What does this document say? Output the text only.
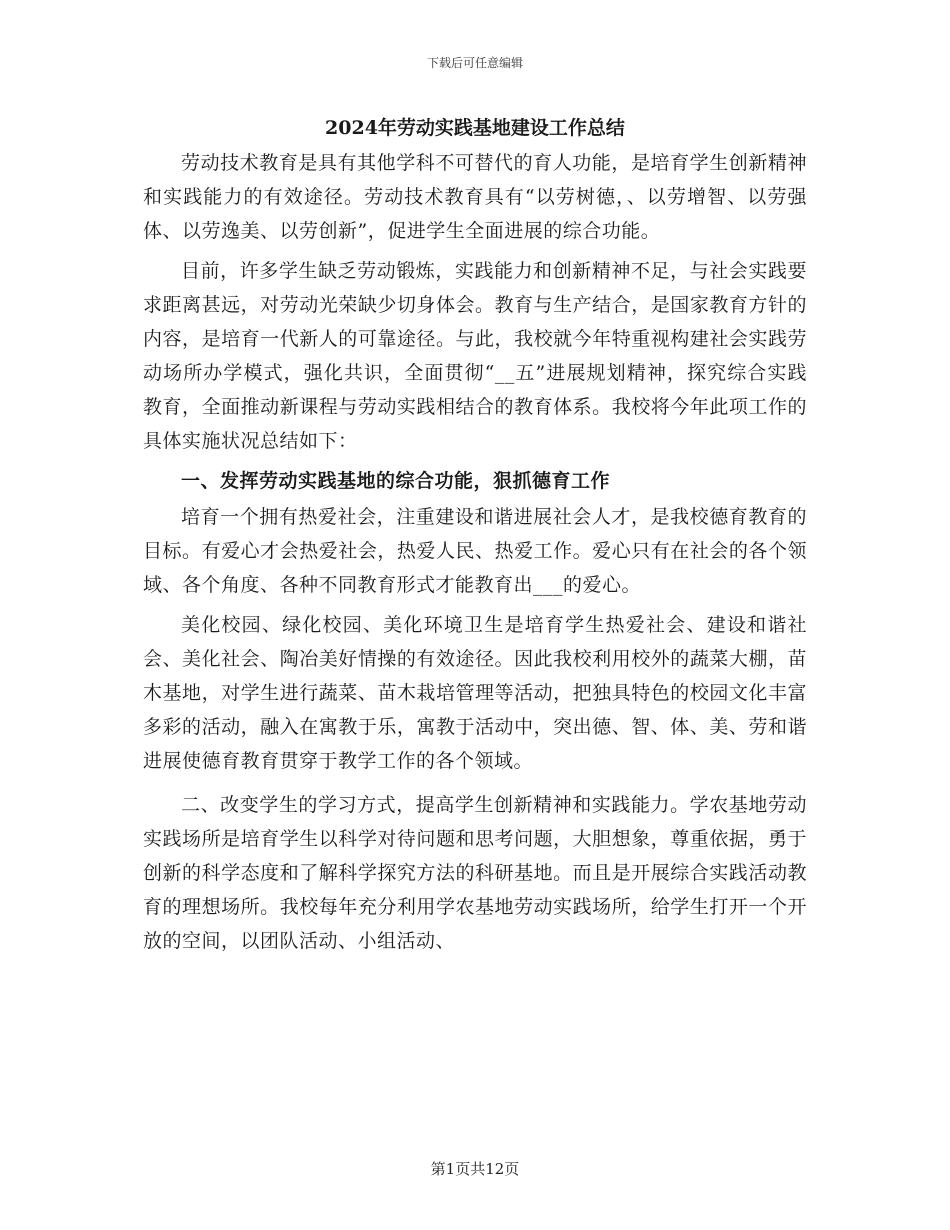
下载后可任意编辑
2024年劳动实践基地建设工作总结

劳动技术教育是具有其他学科不可替代的育人功能，是培育学生创新精神和实践能力的有效途径。劳动技术教育具有“以劳树德，、以劳增智、以劳强体、以劳逸美、以劳创新”，促进学生全面进展的综合功能。

目前，许多学生缺乏劳动锻炼，实践能力和创新精神不足，与社会实践要求距离甚远，对劳动光荣缺少切身体会。教育与生产结合，是国家教育方针的内容，是培育一代新人的可靠途径。与此，我校就今年特重视构建社会实践劳动场所办学模式，强化共识，全面贯彻“__五”进展规划精神，探究综合实践教育，全面推动新课程与劳动实践相结合的教育体系。我校将今年此项工作的具体实施状况总结如下：

一、发挥劳动实践基地的综合功能，狠抓德育工作

培育一个拥有热爱社会，注重建设和谐进展社会人才，是我校德育教育的目标。有爱心才会热爱社会，热爱人民、热爱工作。爱心只有在社会的各个领域、各个角度、各种不同教育形式才能教育出___的爱心。

美化校园、绿化校园、美化环境卫生是培育学生热爱社会、建设和谐社会、美化社会、陶冶美好情操的有效途径。因此我校利用校外的蔬菜大棚，苗木基地，对学生进行蔬菜、苗木栽培管理等活动，把独具特色的校园文化丰富多彩的活动，融入在寓教于乐，寓教于活动中，突出德、智、体、美、劳和谐进展使德育教育贯穿于教学工作的各个领域。

二、改变学生的学习方式，提高学生创新精神和实践能力。学农基地劳动实践场所是培育学生以科学对待问题和思考问题，大胆想象，尊重依据，勇于创新的科学态度和了解科学探究方法的科研基地。而且是开展综合实践活动教育的理想场所。我校每年充分利用学农基地劳动实践场所，给学生打开一个开放的空间，以团队活动、小组活动、

第1页共12页
